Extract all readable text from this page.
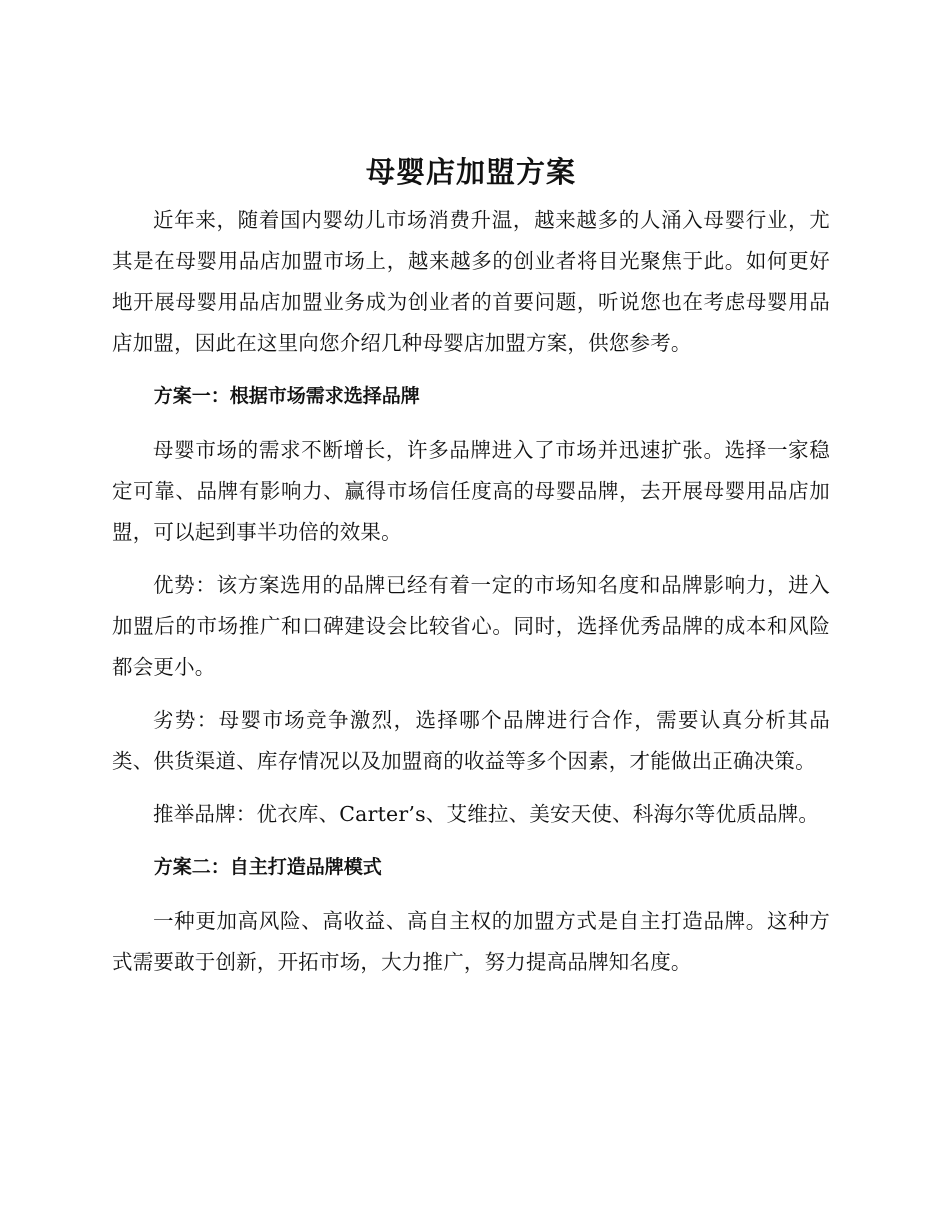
母婴店加盟方案

近年来，随着国内婴幼儿市场消费升温，越来越多的人涌入母婴行业，尤其是在母婴用品店加盟市场上，越来越多的创业者将目光聚焦于此。如何更好地开展母婴用品店加盟业务成为创业者的首要问题，听说您也在考虑母婴用品店加盟，因此在这里向您介绍几种母婴店加盟方案，供您参考。

方案一：根据市场需求选择品牌

母婴市场的需求不断增长，许多品牌进入了市场并迅速扩张。选择一家稳定可靠、品牌有影响力、赢得市场信任度高的母婴品牌，去开展母婴用品店加盟，可以起到事半功倍的效果。

优势：该方案选用的品牌已经有着一定的市场知名度和品牌影响力，进入加盟后的市场推广和口碑建设会比较省心。同时，选择优秀品牌的成本和风险都会更小。

劣势：母婴市场竞争激烈，选择哪个品牌进行合作，需要认真分析其品类、供货渠道、库存情况以及加盟商的收益等多个因素，才能做出正确决策。

推举品牌：优衣库、Carter’s、艾维拉、美安天使、科海尔等优质品牌。

方案二：自主打造品牌模式

一种更加高风险、高收益、高自主权的加盟方式是自主打造品牌。这种方式需要敢于创新，开拓市场，大力推广，努力提高品牌知名度。
